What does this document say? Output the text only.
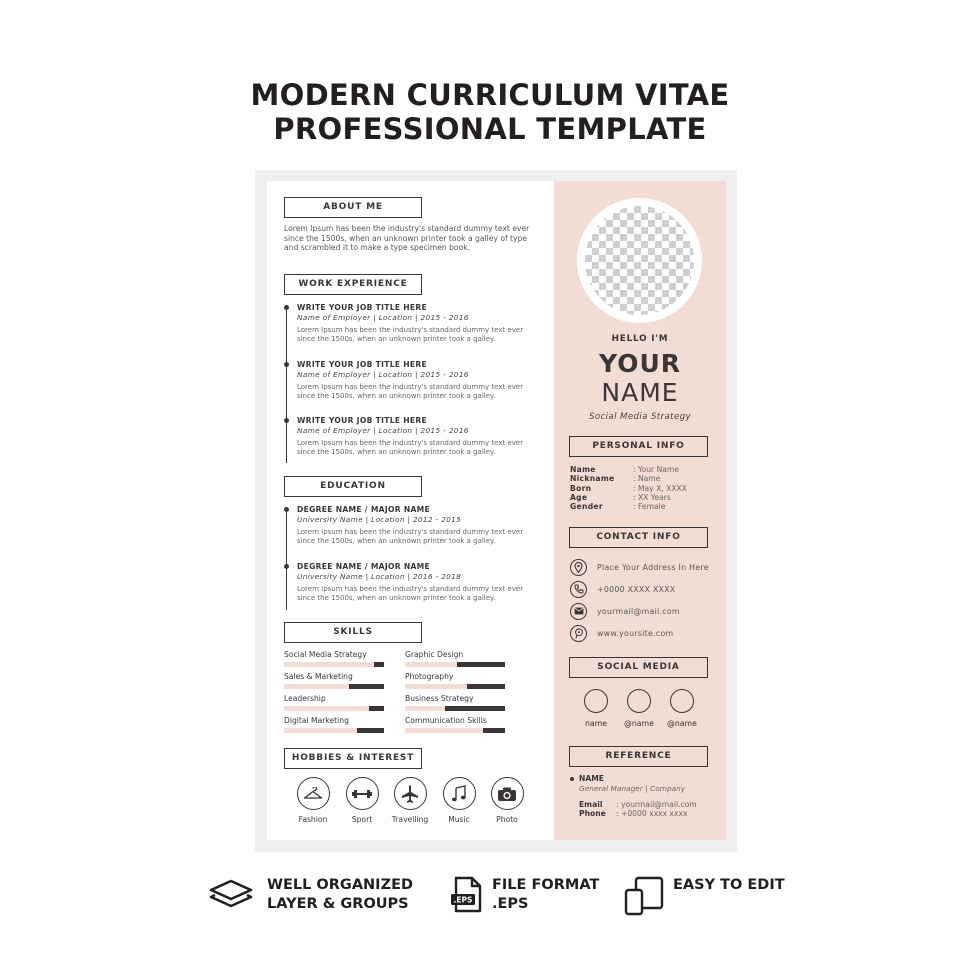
MODERN CURRICULUM VITAE
PROFESSIONAL TEMPLATE
ABOUT ME
Lorem Ipsum has been the industry's standard dummy text ever since the 1500s, when an unknown printer took a galley of type and scrambled it to make a type specimen book.
WORK EXPERIENCE
WRITE YOUR JOB TITLE HERE
Name of Employer | Location | 2015 - 2016
Lorem Ipsum has been the industry's standard dummy text ever since the 1500s, when an unknown printer took a galley.
WRITE YOUR JOB TITLE HERE
Name of Employer | Location | 2015 - 2016
Lorem Ipsum has been the industry's standard dummy text ever since the 1500s, when an unknown printer took a galley.
WRITE YOUR JOB TITLE HERE
Name of Employer | Location | 2015 - 2016
Lorem Ipsum has been the industry's standard dummy text ever since the 1500s, when an unknown printer took a galley.
EDUCATION
DEGREE NAME / MAJOR NAME
University Name | Location | 2012 - 2015
Lorem Ipsum has been the industry's standard dummy text ever since the 1500s, when an unknown printer took a galley.
DEGREE NAME / MAJOR NAME
University Name | Location | 2016 - 2018
Lorem Ipsum has been the industry's standard dummy text ever since the 1500s, when an unknown printer took a galley.
SKILLS
Social Media Strategy	Graphic Design
Sales & Marketing	Photography
Leadership	Business Strategy
Digital Marketing	Communication Skills
HOBBIES & INTEREST
Fashion	Sport	Travelling	Music	Photo
HELLO I'M
YOUR
NAME
Social Media Strategy
PERSONAL INFO
Name	: Your Name
Nickname	: Name
Born	: May X, XXXX
Age	: XX Years
Gender	: Female
CONTACT INFO
Place Your Address In Here
+0000 XXXX XXXX
yourmail@mail.com
www.yoursite.com
SOCIAL MEDIA
name	@name	@name
REFERENCE
NAME
General Manager | Company
Email	: yourmail@mail.com
Phone	: +0000 xxxx xxxx
WELL ORGANIZED
LAYER & GROUPS	.EPS
FILE FORMAT
.EPS
EASY TO EDIT
